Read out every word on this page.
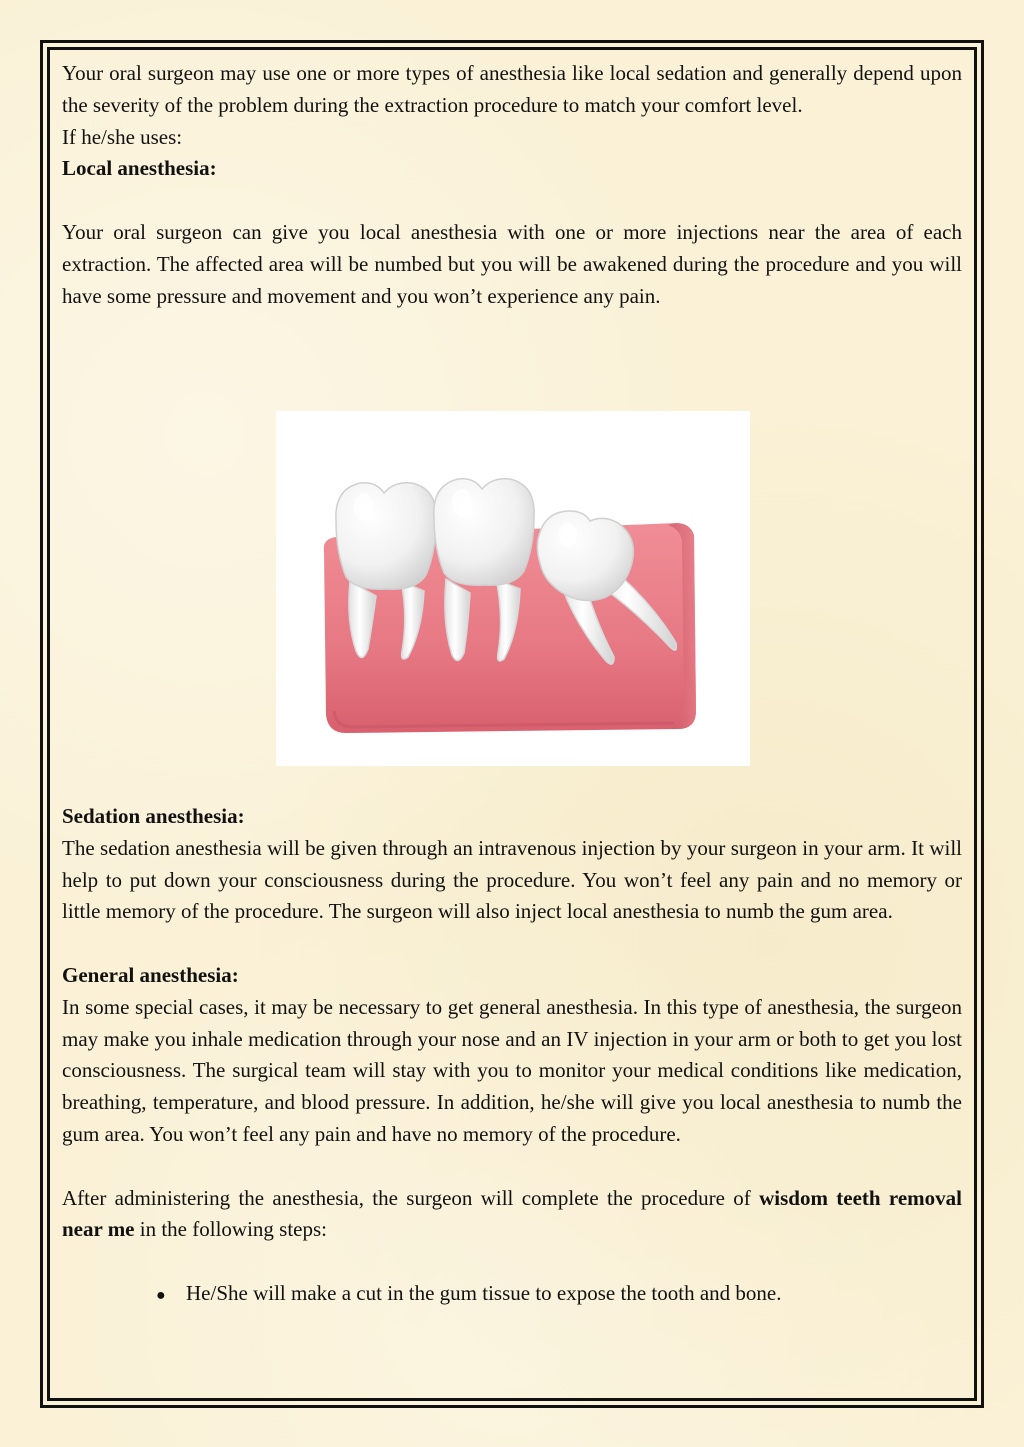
Your oral surgeon may use one or more types of anesthesia like local sedation and generally depend upon the severity of the problem during the extraction procedure to match your comfort level.

If he/she uses:

Local anesthesia:

Your oral surgeon can give you local anesthesia with one or more injections near the area of each extraction. The affected area will be numbed but you will be awakened during the procedure and you will have some pressure and movement and you won’t experience any pain.

Sedation anesthesia:

The sedation anesthesia will be given through an intravenous injection by your surgeon in your arm. It will help to put down your consciousness during the procedure. You won’t feel any pain and no memory or little memory of the procedure. The surgeon will also inject local anesthesia to numb the gum area.

General anesthesia:

In some special cases, it may be necessary to get general anesthesia. In this type of anesthesia, the surgeon may make you inhale medication through your nose and an IV injection in your arm or both to get you lost consciousness. The surgical team will stay with you to monitor your medical conditions like medication, breathing, temperature, and blood pressure. In addition, he/she will give you local anesthesia to numb the gum area. You won’t feel any pain and have no memory of the procedure.

After administering the anesthesia, the surgeon will complete the procedure of wisdom teeth removal near me in the following steps:

● He/She will make a cut in the gum tissue to expose the tooth and bone.
